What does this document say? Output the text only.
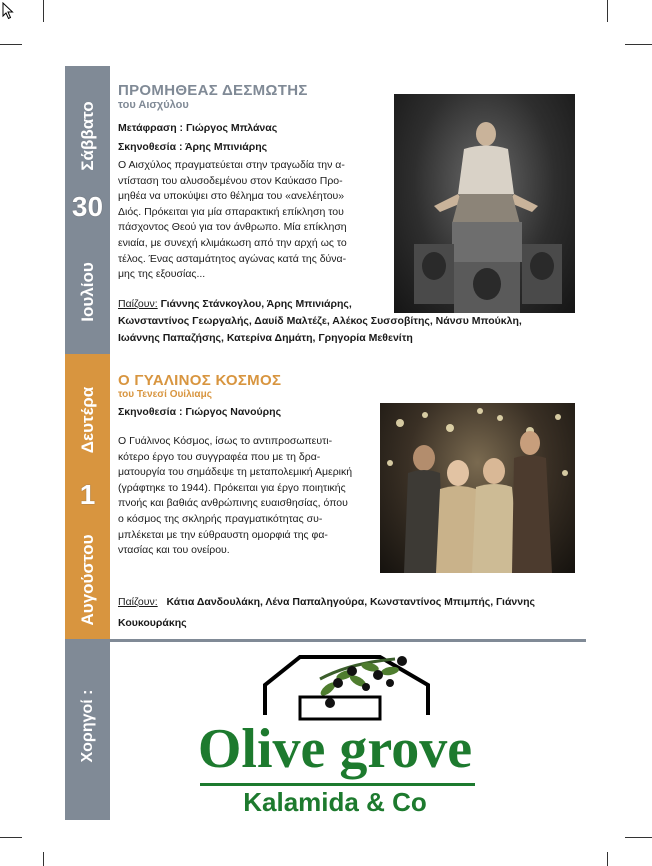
Σάββατο
30
Ιουλίου
Δευτέρα
1
Αυγούστου
Χορηγοί :
ΠΡΟΜΗΘΕΑΣ ΔΕΣΜΩΤΗΣ
του Αισχύλου
Μετάφραση : Γιώργος Μπλάνας
Σκηνοθεσία : Άρης Μπινιάρης
Ο Αισχύλος πραγματεύεται στην τραγωδία την α-
ντίσταση του αλυσοδεμένου στον Καύκασο Προ-
μηθέα να υποκύψει στο θέλημα του «ανελέητου»
Διός. Πρόκειται για μία σπαρακτική επίκληση του
πάσχοντος Θεού για τον άνθρωπο. Μία επίκληση
ενιαία, με συνεχή κλιμάκωση από την αρχή ως το
τέλος. Ένας ασταμάτητος αγώνας κατά της δύνα-
μης της εξουσίας...
Παίζουν: Γιάννης Στάνκογλου, Άρης Μπινιάρης,
Κωνσταντίνος Γεωργαλής, Δαυίδ Μαλτέζε, Αλέκος Συσσοβίτης, Νάνσυ Μπούκλη,
Ιωάννης Παπαζήσης, Κατερίνα Δημάτη, Γρηγορία Μεθενίτη
Ο ΓΥΑΛΙΝΟΣ ΚΟΣΜΟΣ
του Τενεσί Ουίλιαμς
Σκηνοθεσία : Γιώργος Νανούρης
Ο Γυάλινος Κόσμος, ίσως το αντιπροσωπευτι-
κότερο έργο του συγγραφέα που με τη δρα-
ματουργία του σημάδεψε τη μεταπολεμική Αμερική
(γράφτηκε το 1944). Πρόκειται για έργο ποιητικής
πνοής και βαθιάς ανθρώπινης ευαισθησίας, όπου
ο κόσμος της σκληρής πραγματικότητας συ-
μπλέκεται με την εύθραυστη ομορφιά της φα-
ντασίας και του ονείρου.
Παίζουν: Κάτια Δανδουλάκη, Λένα Παπαληγούρα, Κωνσταντίνος Μπιμπής, Γιάννης
Κουκουράκης
Olive grove
Kalamida & Co
